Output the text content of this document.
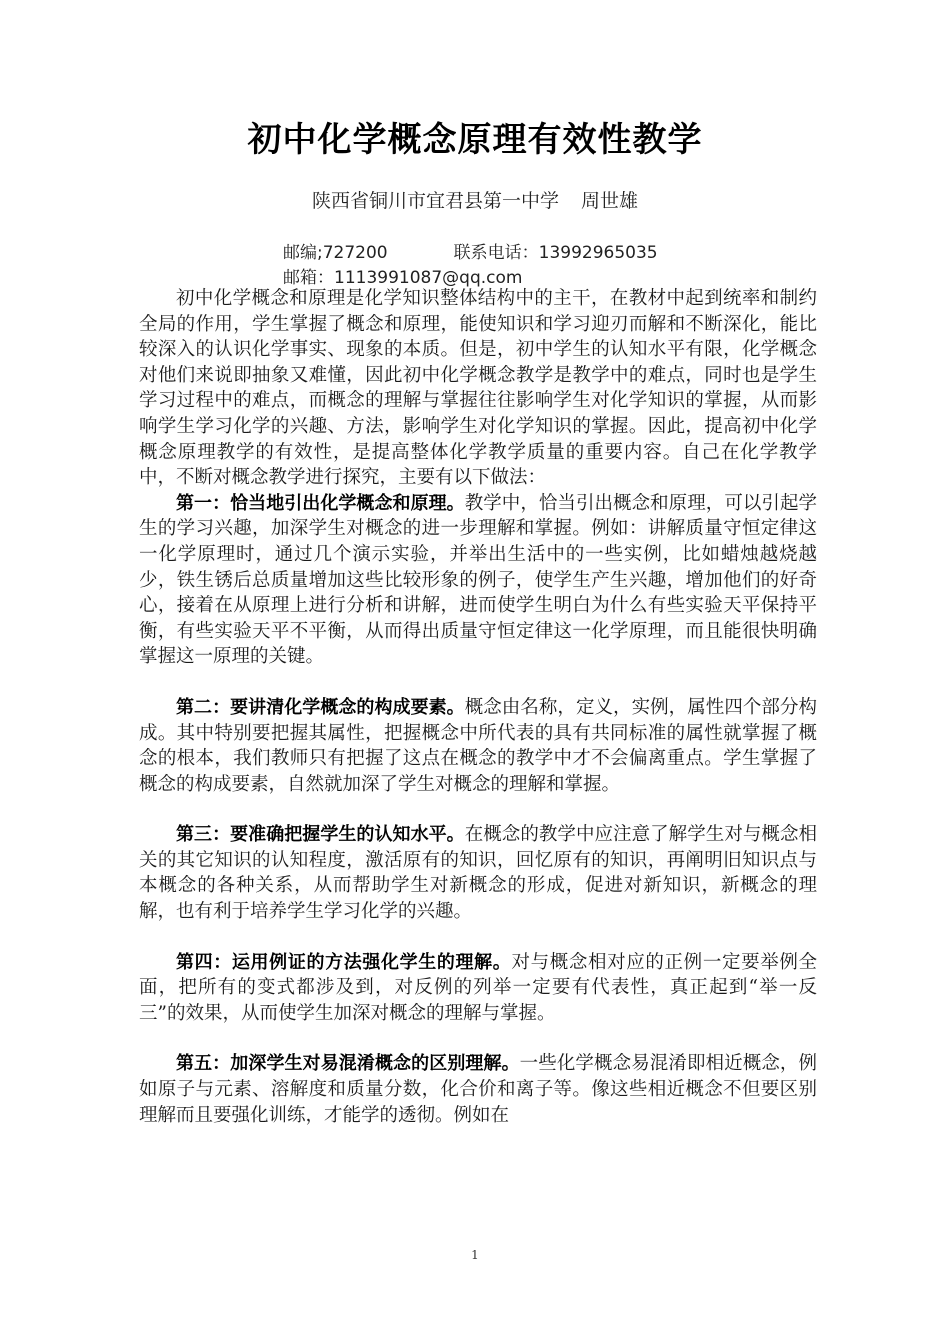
初中化学概念原理有效性教学
陕西省铜川市宜君县第一中学 周世雄
邮编;727200	联系电话：13992965035
邮箱：1113991087@qq.com

初中化学概念和原理是化学知识整体结构中的主干，在教材中起到统率和制约全局的作用，学生掌握了概念和原理，能使知识和学习迎刃而解和不断深化，能比较深入的认识化学事实、现象的本质。但是，初中学生的认知水平有限，化学概念对他们来说即抽象又难懂，因此初中化学概念教学是教学中的难点，同时也是学生学习过程中的难点，而概念的理解与掌握往往影响学生对化学知识的掌握，从而影响学生学习化学的兴趣、方法，影响学生对化学知识的掌握。因此，提高初中化学概念原理教学的有效性，是提高整体化学教学质量的重要内容。自己在化学教学中，不断对概念教学进行探究，主要有以下做法：

第一：恰当地引出化学概念和原理。教学中，恰当引出概念和原理，可以引起学生的学习兴趣，加深学生对概念的进一步理解和掌握。例如：讲解质量守恒定律这一化学原理时，通过几个演示实验，并举出生活中的一些实例，比如蜡烛越烧越少，铁生锈后总质量增加这些比较形象的例子，使学生产生兴趣，增加他们的好奇心，接着在从原理上进行分析和讲解，进而使学生明白为什么有些实验天平保持平衡，有些实验天平不平衡，从而得出质量守恒定律这一化学原理，而且能很快明确掌握这一原理的关键。

第二：要讲清化学概念的构成要素。概念由名称，定义，实例，属性四个部分构成。其中特别要把握其属性，把握概念中所代表的具有共同标准的属性就掌握了概念的根本，我们教师只有把握了这点在概念的教学中才不会偏离重点。学生掌握了概念的构成要素，自然就加深了学生对概念的理解和掌握。

第三：要准确把握学生的认知水平。在概念的教学中应注意了解学生对与概念相关的其它知识的认知程度，激活原有的知识，回忆原有的知识，再阐明旧知识点与本概念的各种关系，从而帮助学生对新概念的形成，促进对新知识，新概念的理解，也有利于培养学生学习化学的兴趣。

第四：运用例证的方法强化学生的理解。对与概念相对应的正例一定要举例全面，把所有的变式都涉及到，对反例的列举一定要有代表性，真正起到“举一反三”的效果，从而使学生加深对概念的理解与掌握。

第五：加深学生对易混淆概念的区别理解。一些化学概念易混淆即相近概念，例如原子与元素、溶解度和质量分数，化合价和离子等。像这些相近概念不但要区别理解而且要强化训练，才能学的透彻。例如在

1
